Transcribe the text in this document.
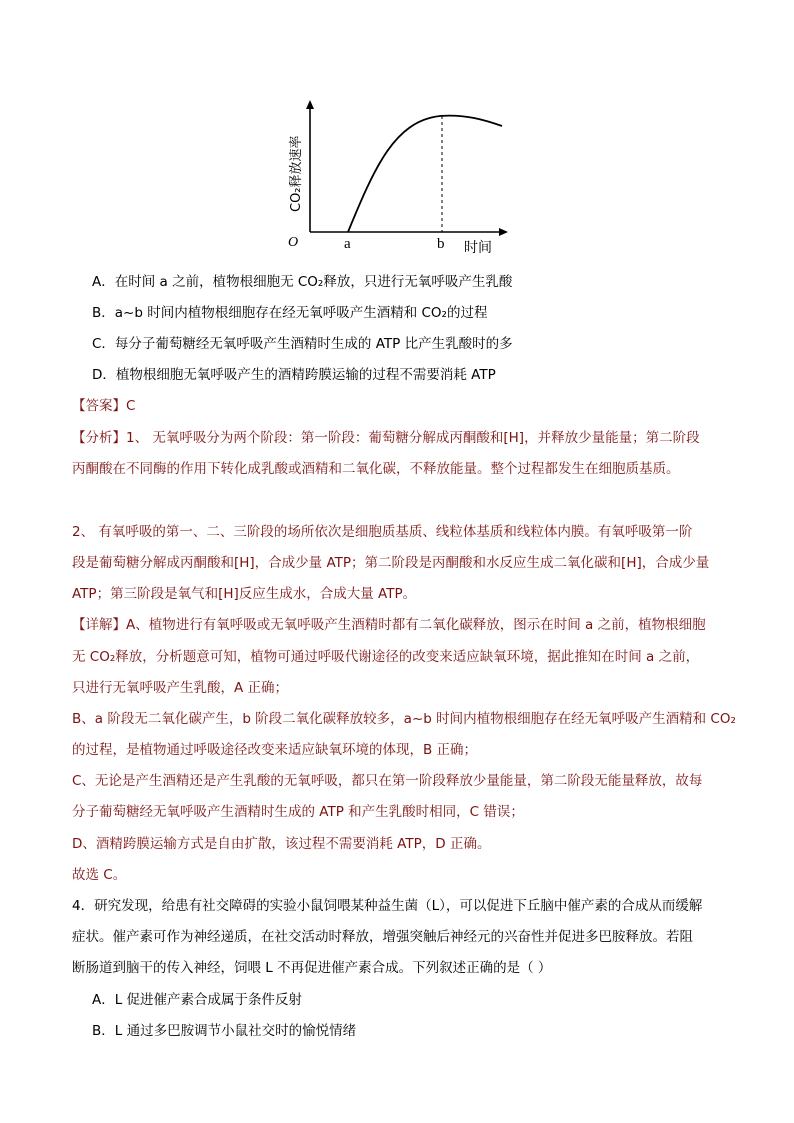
O	a	b 时间
CO₂释放速率
A．在时间 a 之前，植物根细胞无 CO₂释放，只进行无氧呼吸产生乳酸
B．a~b 时间内植物根细胞存在经无氧呼吸产生酒精和 CO₂的过程
C．每分子葡萄糖经无氧呼吸产生酒精时生成的 ATP 比产生乳酸时的多
D．植物根细胞无氧呼吸产生的酒精跨膜运输的过程不需要消耗 ATP
【答案】C
【分析】1、 无氧呼吸分为两个阶段：第一阶段：葡萄糖分解成丙酮酸和[H]，并释放少量能量；第二阶段
丙酮酸在不同酶的作用下转化成乳酸或酒精和二氧化碳，不释放能量。整个过程都发生在细胞质基质。
2、 有氧呼吸的第一、二、三阶段的场所依次是细胞质基质、线粒体基质和线粒体内膜。有氧呼吸第一阶
段是葡萄糖分解成丙酮酸和[H]，合成少量 ATP；第二阶段是丙酮酸和水反应生成二氧化碳和[H]，合成少量
ATP；第三阶段是氧气和[H]反应生成水，合成大量 ATP。
【详解】A、植物进行有氧呼吸或无氧呼吸产生酒精时都有二氧化碳释放，图示在时间 a 之前，植物根细胞
无 CO₂释放，分析题意可知，植物可通过呼吸代谢途径的改变来适应缺氧环境，据此推知在时间 a 之前，
只进行无氧呼吸产生乳酸，A 正确；
B、a 阶段无二氧化碳产生，b 阶段二氧化碳释放较多，a~b 时间内植物根细胞存在经无氧呼吸产生酒精和 CO₂
的过程，是植物通过呼吸途径改变来适应缺氧环境的体现，B 正确；
C、无论是产生酒精还是产生乳酸的无氧呼吸，都只在第一阶段释放少量能量，第二阶段无能量释放，故每
分子葡萄糖经无氧呼吸产生酒精时生成的 ATP 和产生乳酸时相同，C 错误；
D、酒精跨膜运输方式是自由扩散，该过程不需要消耗 ATP，D 正确。
故选 C。
4．研究发现，给患有社交障碍的实验小鼠饲喂某种益生菌（L），可以促进下丘脑中催产素的合成从而缓解
症状。催产素可作为神经递质，在社交活动时释放，增强突触后神经元的兴奋性并促进多巴胺释放。若阻
断肠道到脑干的传入神经，饲喂 L 不再促进催产素合成。下列叙述正确的是（ ）
A．L 促进催产素合成属于条件反射
B．L 通过多巴胺调节小鼠社交时的愉悦情绪
